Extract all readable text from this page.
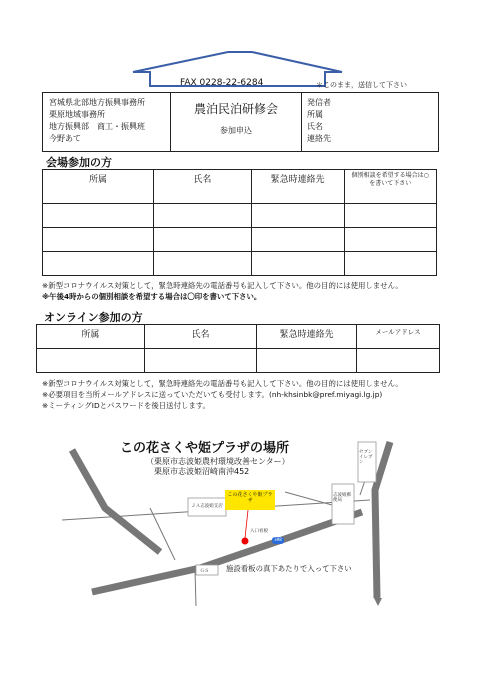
FAX 0228-22-6284	＊このまま，送信して下さい
宮城県北部地方振興事務所
栗原地域事務所
地方振興部　商工・振興班
今野あて
農泊民泊研修会
参加申込
発信者
所属
氏名
連絡先
会場参加の方
所属	氏名	緊急時連絡先	個別相談を希望する場合は○を書いて下さい

※新型コロナウイルス対策として，緊急時連絡先の電話番号も記入して下さい。他の目的には使用しません。
※午後4時からの個別相談を希望する場合は〇印を書いて下さい。
オンライン参加の方
所属	氏名	緊急時連絡先	メールアドレス

※新型コロナウイルス対策として，緊急時連絡先の電話番号も記入して下さい。他の目的には使用しません。
※必要項目を当所メールアドレスに送っていただいても受付します。(nh-khsinbk@pref.miyagi.lg.jp)
※ミーティングIDとパスワードを後日送付します。
この花さくや姫プラザの場所
（栗原市志波姫農村環境改善センター）
栗原市志波姫沼崎南沖452
この花さくや姫プラザ
ＪＡ志波姫支店
志波姫郵便局
セブンイレブン
ＧＳ
入口看板
398
施設看板の真下あたりで入って下さい
